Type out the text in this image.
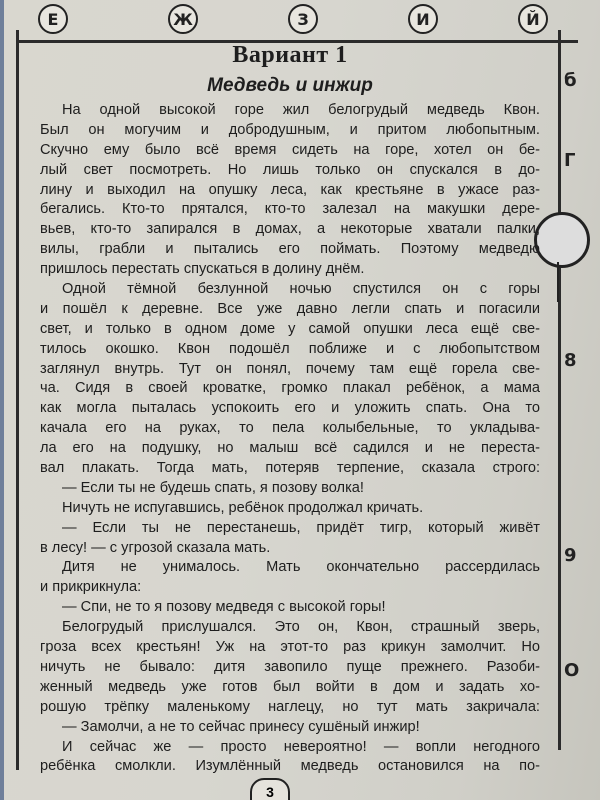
Е	Ж	З	И	Й
б
Г
8
9
О
Вариант 1
Медведь и инжир
На одной высокой горе жил белогрудый медведь Квон.
Был он могучим и добродушным, и притом любопытным.
Скучно ему было всё время сидеть на горе, хотел он бе-
лый свет посмотреть. Но лишь только он спускался в до-
лину и выходил на опушку леса, как крестьяне в ужасе раз-
бегались. Кто-то прятался, кто-то залезал на макушки дере-
вьев, кто-то запирался в домах, а некоторые хватали палки,
вилы, грабли и пытались его поймать. Поэтому медведю
пришлось перестать спускаться в долину днём.
Одной тёмной безлунной ночью спустился он с горы
и пошёл к деревне. Все уже давно легли спать и погасили
свет, и только в одном доме у самой опушки леса ещё све-
тилось окошко. Квон подошёл поближе и с любопытством
заглянул внутрь. Тут он понял, почему там ещё горела све-
ча. Сидя в своей кроватке, громко плакал ребёнок, а мама
как могла пыталась успокоить его и уложить спать. Она то
качала его на руках, то пела колыбельные, то укладыва-
ла его на подушку, но малыш всё садился и не переста-
вал плакать. Тогда мать, потеряв терпение, сказала строго:
— Если ты не будешь спать, я позову волка!
Ничуть не испугавшись, ребёнок продолжал кричать.
— Если ты не перестанешь, придёт тигр, который живёт
в лесу! — с угрозой сказала мать.
Дитя не унималось. Мать окончательно рассердилась
и прикрикнула:
— Спи, не то я позову медведя с высокой горы!
Белогрудый прислушался. Это он, Квон, страшный зверь,
гроза всех крестьян! Уж на этот-то раз крикун замолчит. Но
ничуть не бывало: дитя завопило пуще прежнего. Разоби-
женный медведь уже готов был войти в дом и задать хо-
рошую трёпку маленькому наглецу, но тут мать закричала:
— Замолчи, а не то сейчас принесу сушёный инжир!
И сейчас же — просто невероятно! — вопли негодного
ребёнка смолкли. Изумлённый медведь остановился на по-
3
